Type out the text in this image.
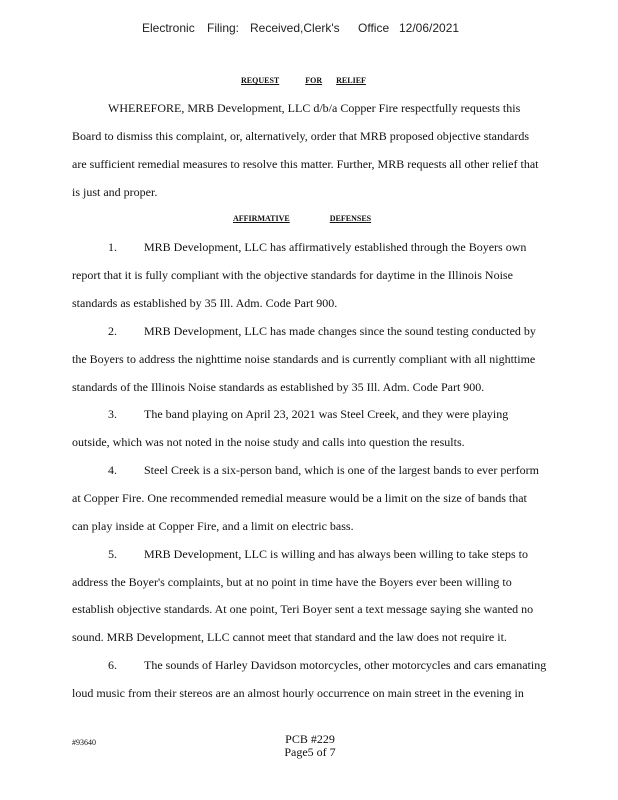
Electronic Filing: Received,Clerk's Office 12/06/2021
REQUEST	FOR RELIEF
WHEREFORE, MRB Development, LLC d/b/a Copper Fire respectfully requests this
Board to dismiss this complaint, or, alternatively, order that MRB proposed objective standards
are sufficient remedial measures to resolve this matter. Further, MRB requests all other relief that
is just and proper.
AFFIRMATIVE	DEFENSES
1. MRB Development, LLC has affirmatively established through the Boyers own
report that it is fully compliant with the objective standards for daytime in the Illinois Noise
standards as established by 35 Ill. Adm. Code Part 900.
2. MRB Development, LLC has made changes since the sound testing conducted by
the Boyers to address the nighttime noise standards and is currently compliant with all nighttime
standards of the Illinois Noise standards as established by 35 Ill. Adm. Code Part 900.
3. The band playing on April 23, 2021 was Steel Creek, and they were playing
outside, which was not noted in the noise study and calls into question the results.
4. Steel Creek is a six-person band, which is one of the largest bands to ever perform
at Copper Fire. One recommended remedial measure would be a limit on the size of bands that
can play inside at Copper Fire, and a limit on electric bass.
5. MRB Development, LLC is willing and has always been willing to take steps to
address the Boyer's complaints, but at no point in time have the Boyers ever been willing to
establish objective standards. At one point, Teri Boyer sent a text message saying she wanted no
sound. MRB Development, LLC cannot meet that standard and the law does not require it.
6. The sounds of Harley Davidson motorcycles, other motorcycles and cars emanating
loud music from their stereos are an almost hourly occurrence on main street in the evening in
#93640	PCB #229
Page5 of 7
